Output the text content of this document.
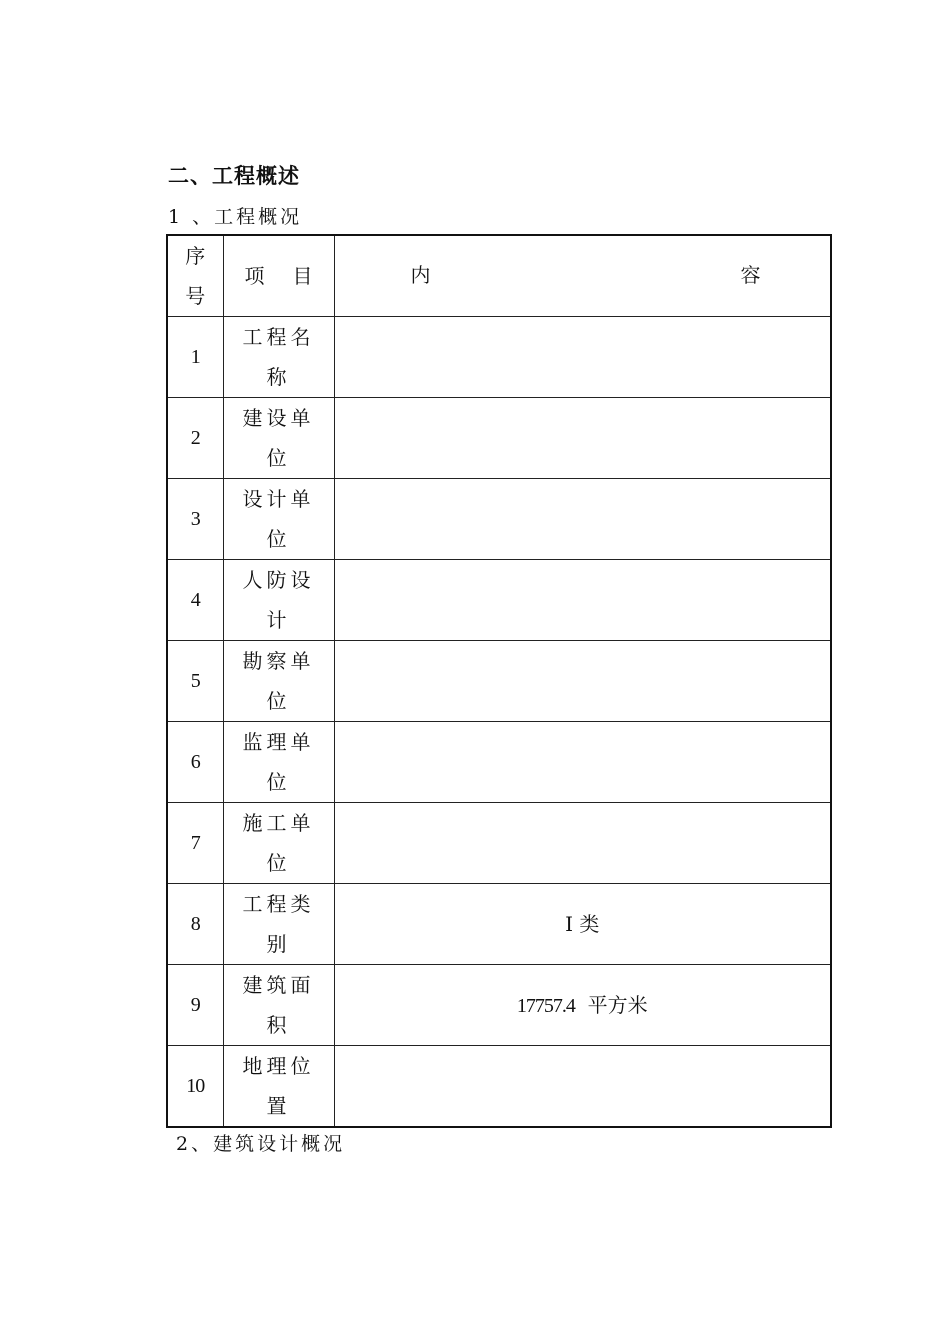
二、工程概述

1 、工程概况

序号	项 目	内 容

1	工程名称	
2	建设单位	
3	设计单位	
4	人防设计	
5	勘察单位	
6	监理单位	
7	施工单位	
8	工程类别	I 类
9	建筑面积	17757.4 平方米
10	地理位置	

2、建筑设计概况
